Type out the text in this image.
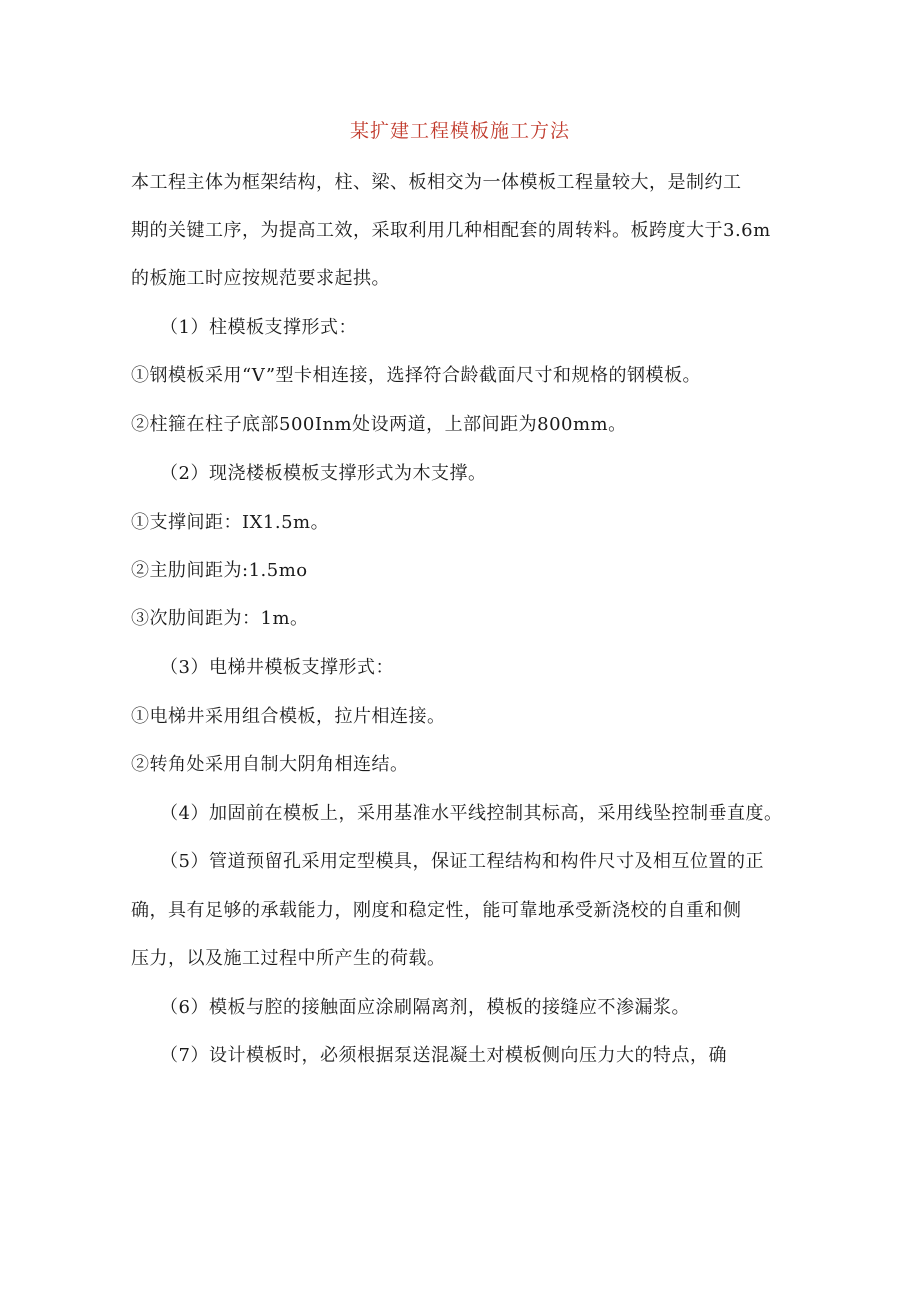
某扩建工程模板施工方法
本工程主体为框架结构，柱、梁、板相交为一体模板工程量较大，是制约工
期的关键工序，为提高工效，采取利用几种相配套的周转料。板跨度大于3.6m
的板施工时应按规范要求起拱。
（1）柱模板支撑形式：
①钢模板采用“V”型卡相连接，选择符合龄截面尺寸和规格的钢模板。
②柱箍在柱子底部500Inm处设两道，上部间距为800mm。
（2）现浇楼板模板支撑形式为木支撑。
①支撑间距：IX1.5m。
②主肋间距为:1.5mo
③次肋间距为：1m。
（3）电梯井模板支撑形式：
①电梯井采用组合模板，拉片相连接。
②转角处采用自制大阴角相连结。
（4）加固前在模板上，采用基准水平线控制其标高，采用线坠控制垂直度。
（5）管道预留孔采用定型模具，保证工程结构和构件尺寸及相互位置的正
确，具有足够的承载能力，刚度和稳定性，能可靠地承受新浇校的自重和侧
压力，以及施工过程中所产生的荷载。
（6）模板与腔的接触面应涂刷隔离剂，模板的接缝应不渗漏浆。
（7）设计模板时，必须根据泵送混凝土对模板侧向压力大的特点，确
